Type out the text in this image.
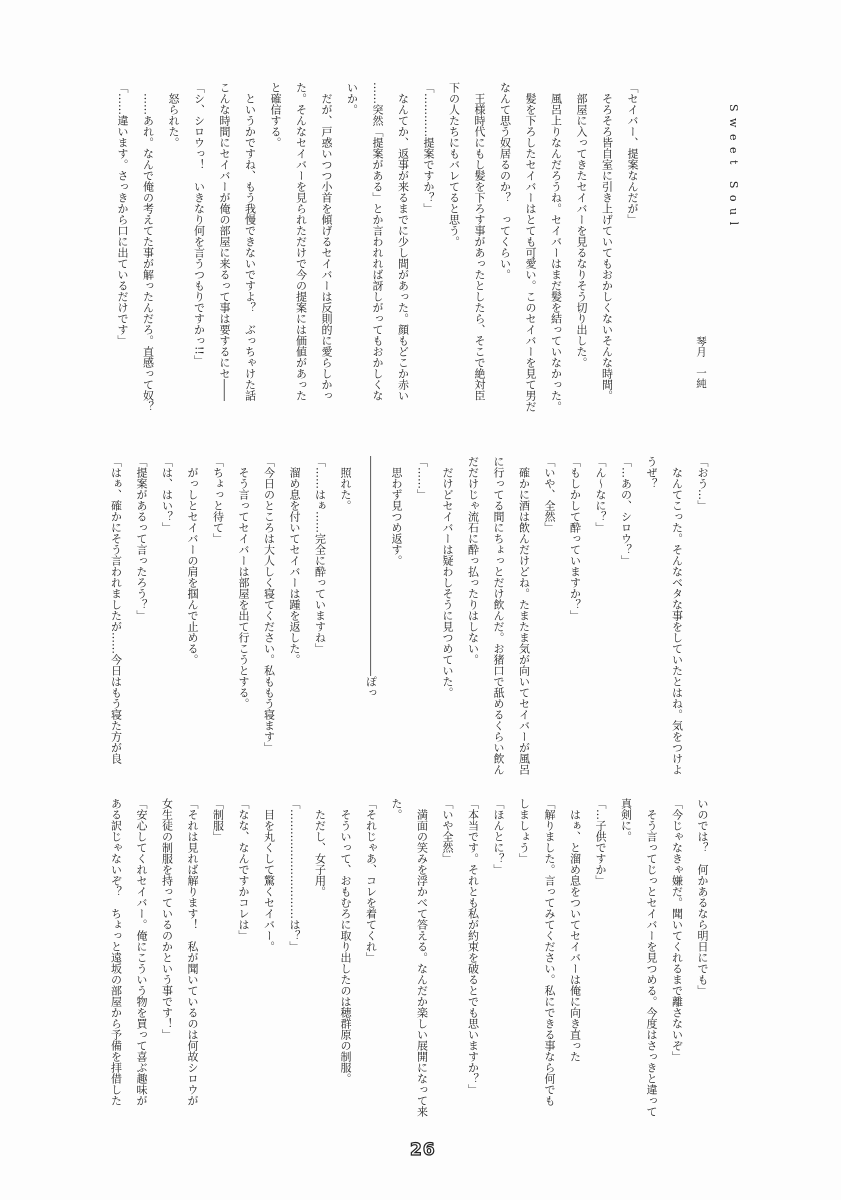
Sweet Soul
琴月　一純
「セイバー、提案なんだが」
　そろそろ皆自室に引き上げていてもおかしくないそんな時間。
　部屋に入ってきたセイバーを見るなりそう切り出した。
　風呂上りなんだろうね。セイバーはまだ髪を結っていなかった。
　髪を下ろしたセイバーはとても可愛い。このセイバーを見て男だ
なんて思う奴居るのか？　ってくらい。
　王様時代にもし髪を下ろす事があったとしたら、そこで絶対臣
下の人たちにもバレてると思う。
「…………提案ですか？」
　なんてか、返事が来るまでに少し間があった。顔もどこか赤い
……突然「提案がある」とか言われれば訝しがってもおかしくな
いか。
　だが、戸惑いつつ小首を傾げるセイバーは反則的に愛らしかっ
た。そんなセイバーを見られただけで今の提案には価値があった
と確信する。
　というかですね、もう我慢できないですよ？　ぶっちゃけた話
こんな時間にセイバーが俺の部屋に来るって事は要するにセ――
「シ、シロウっ！　いきなり何を言うつもりですかっ!!」
　怒られた。
　……あれ。なんで俺の考えてた事が解ったんだろ。直感って奴？
「……違います。さっきから口に出ているだけです」
「おう…」
　なんてこった。そんなベタな事をしていたとはね。気をつけよ
うぜ？
「…あの、シロウ？」
「ん〜なに？」
「もしかして酔っていますか？」
「いや、全然」
　確かに酒は飲んだけどね。たまたま気が向いてセイバーが風呂
に行ってる間にちょっとだけ飲んだ。お猪口で舐めるくらい飲ん
だだけじゃ流石に酔っ払ったりはしない。
　だけどセイバーは疑わしそうに見つめていた。
「……」
　思わず見つめ返す。
――――――――――――――――――――ぽっ
　照れた。
「……はぁ……完全に酔っていますね」
　溜め息を付いてセイバーは踵を返した。
「今日のところは大人しく寝てください。私ももう寝ます」
　そう言ってセイバーは部屋を出て行こうとする。
「ちょっと待て」
　がっしとセイバーの肩を掴んで止める。
「は、はい？」
「提案があるって言ったろう？」
「はぁ、確かにそう言われましたが……今日はもう寝た方が良
いのでは？　何かあるなら明日にでも」
「今じゃなきゃ嫌だ。聞いてくれるまで離さないぞ」
　そう言ってじっとセイバーを見つめる。今度はさっきと違って
真剣に。
「…子供ですか」
　はぁ、と溜め息をついてセイバーは俺に向き直った
「解りました。言ってみてください。私にできる事なら何でも
しましょう」
「ほんとに？」
「本当です。それとも私が約束を破るとでも思いますか？」
「いや全然」
　満面の笑みを浮かべて答える。なんだか楽しい展開になって来
た。
「それじゃあ、コレを着てくれ」
　そういって、おもむろに取り出したのは穂群原の制服。
　ただし、女子用。
「…………………………は？」
　目を丸くして驚くセイバー。
「なな、なんですかコレは」
「制服」
「それは見れば解ります！　私が聞いているのは何故シロウが
女生徒の制服を持っているのかという事です！」
「安心してくれセイバー。俺にこういう物を買って喜ぶ趣味が
ある訳じゃないぞ？　ちょっと遠坂の部屋から予備を拝借した
26
